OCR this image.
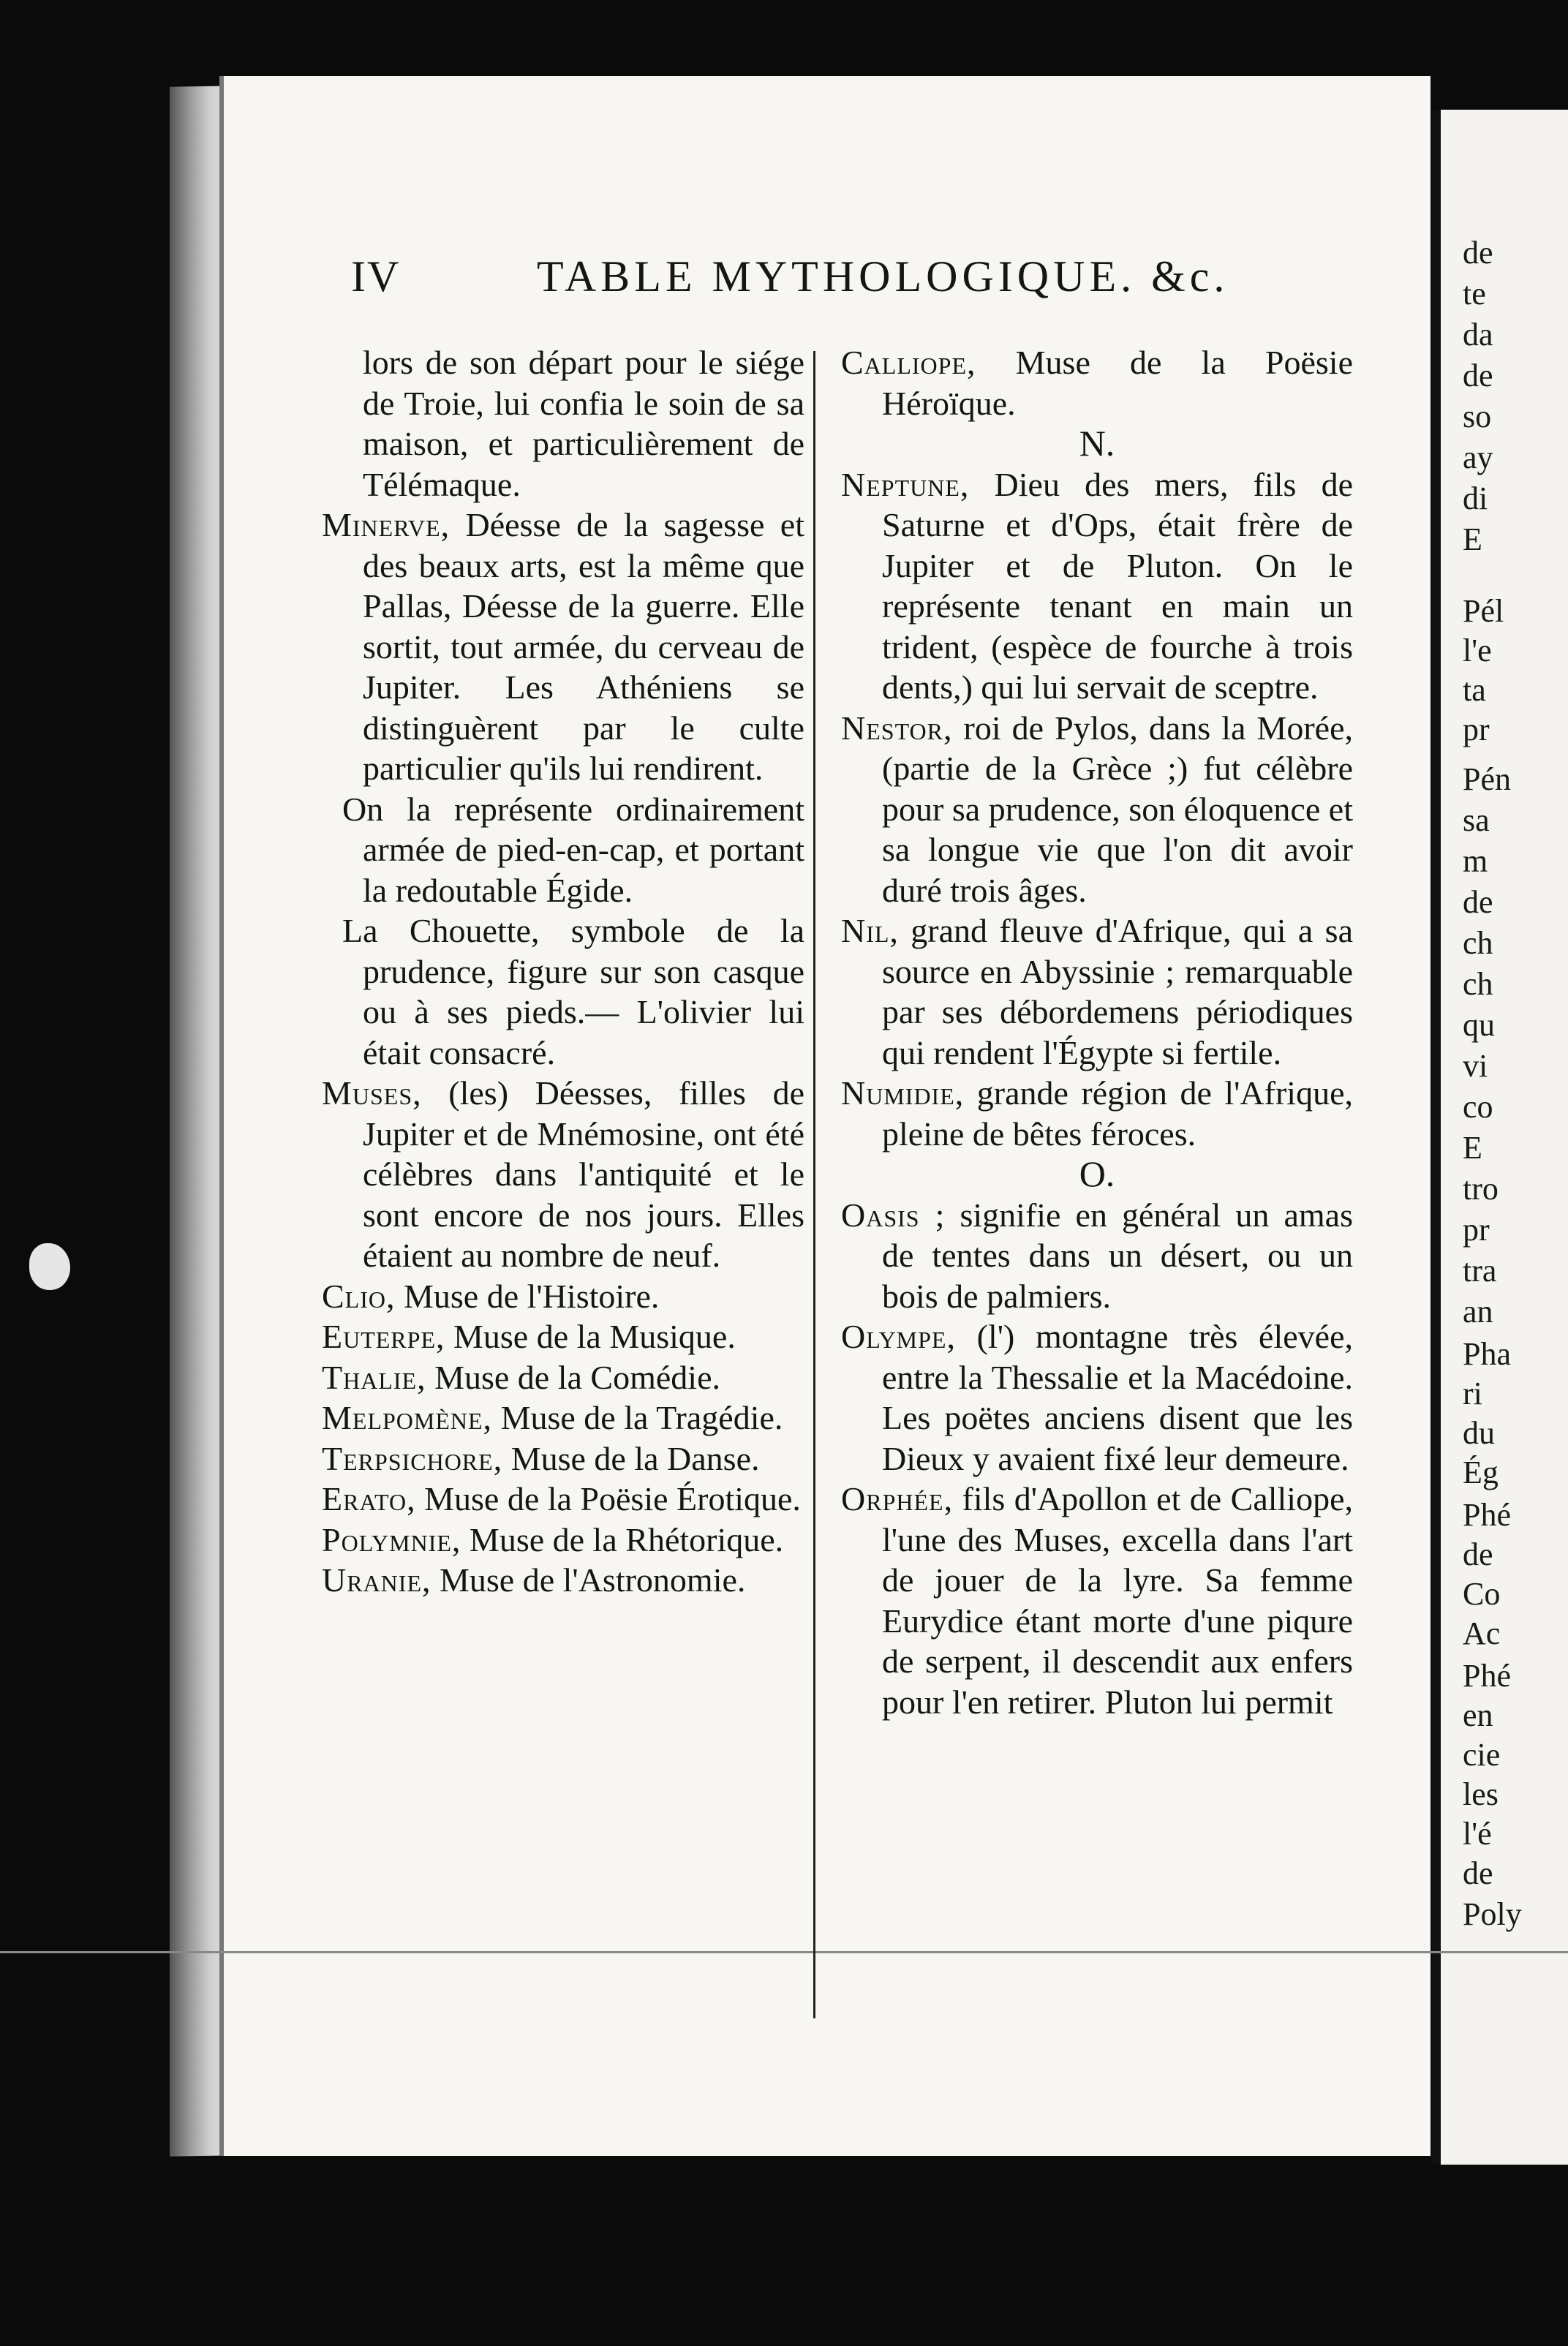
de
te
da
de
so
ay
di
E
Pél
l'e
ta
pr
Pén
sa
m
de
ch
ch
qu
vi
co
E
tro
pr
tra
an
Pha
ri
du
Ég
Phé
de
Co
Ac
Phé
en
cie
les
l'é
de
Poly
IV	TABLE MYTHOLOGIQUE. &c.

lors de son départ pour le siége de Troie, lui confia le soin de sa maison, et particulièrement de Télémaque.

Minerve, Déesse de la sagesse et des beaux arts, est la même que Pallas, Déesse de la guerre. Elle sortit, tout armée, du cerveau de Jupiter. Les Athéniens se distinguèrent par le culte particulier qu'ils lui rendirent.

On la représente ordinairement armée de pied-en-cap, et portant la redoutable Égide.

La Chouette, symbole de la prudence, figure sur son casque ou à ses pieds.— L'olivier lui était consacré.

Muses, (les) Déesses, filles de Jupiter et de Mnémosine, ont été célèbres dans l'antiquité et le sont encore de nos jours. Elles étaient au nombre de neuf.

Clio, Muse de l'Histoire.

Euterpe, Muse de la Musique.

Thalie, Muse de la Comédie.

Melpomène, Muse de la Tragédie.

Terpsichore, Muse de la Danse.

Erato, Muse de la Poësie Érotique.

Polymnie, Muse de la Rhétorique.

Uranie, Muse de l'Astronomie.

Calliope, Muse de la Poësie Héroïque.

N.

Neptune, Dieu des mers, fils de Saturne et d'Ops, était frère de Jupiter et de Pluton. On le représente tenant en main un trident, (espèce de fourche à trois dents,) qui lui servait de sceptre.

Nestor, roi de Pylos, dans la Morée, (partie de la Grèce ;) fut célèbre pour sa prudence, son éloquence et sa longue vie que l'on dit avoir duré trois âges.

Nil, grand fleuve d'Afrique, qui a sa source en Abyssinie ; remarquable par ses débordemens périodiques qui rendent l'Égypte si fertile.

Numidie, grande région de l'Afrique, pleine de bêtes féroces.

O.

Oasis ; signifie en général un amas de tentes dans un désert, ou un bois de palmiers.

Olympe, (l') montagne très élevée, entre la Thessalie et la Macédoine. Les poëtes anciens disent que les Dieux y avaient fixé leur demeure.

Orphée, fils d'Apollon et de Calliope, l'une des Muses, excella dans l'art de jouer de la lyre. Sa femme Eurydice étant morte d'une piqure de serpent, il descendit aux enfers pour l'en retirer. Pluton lui permit
